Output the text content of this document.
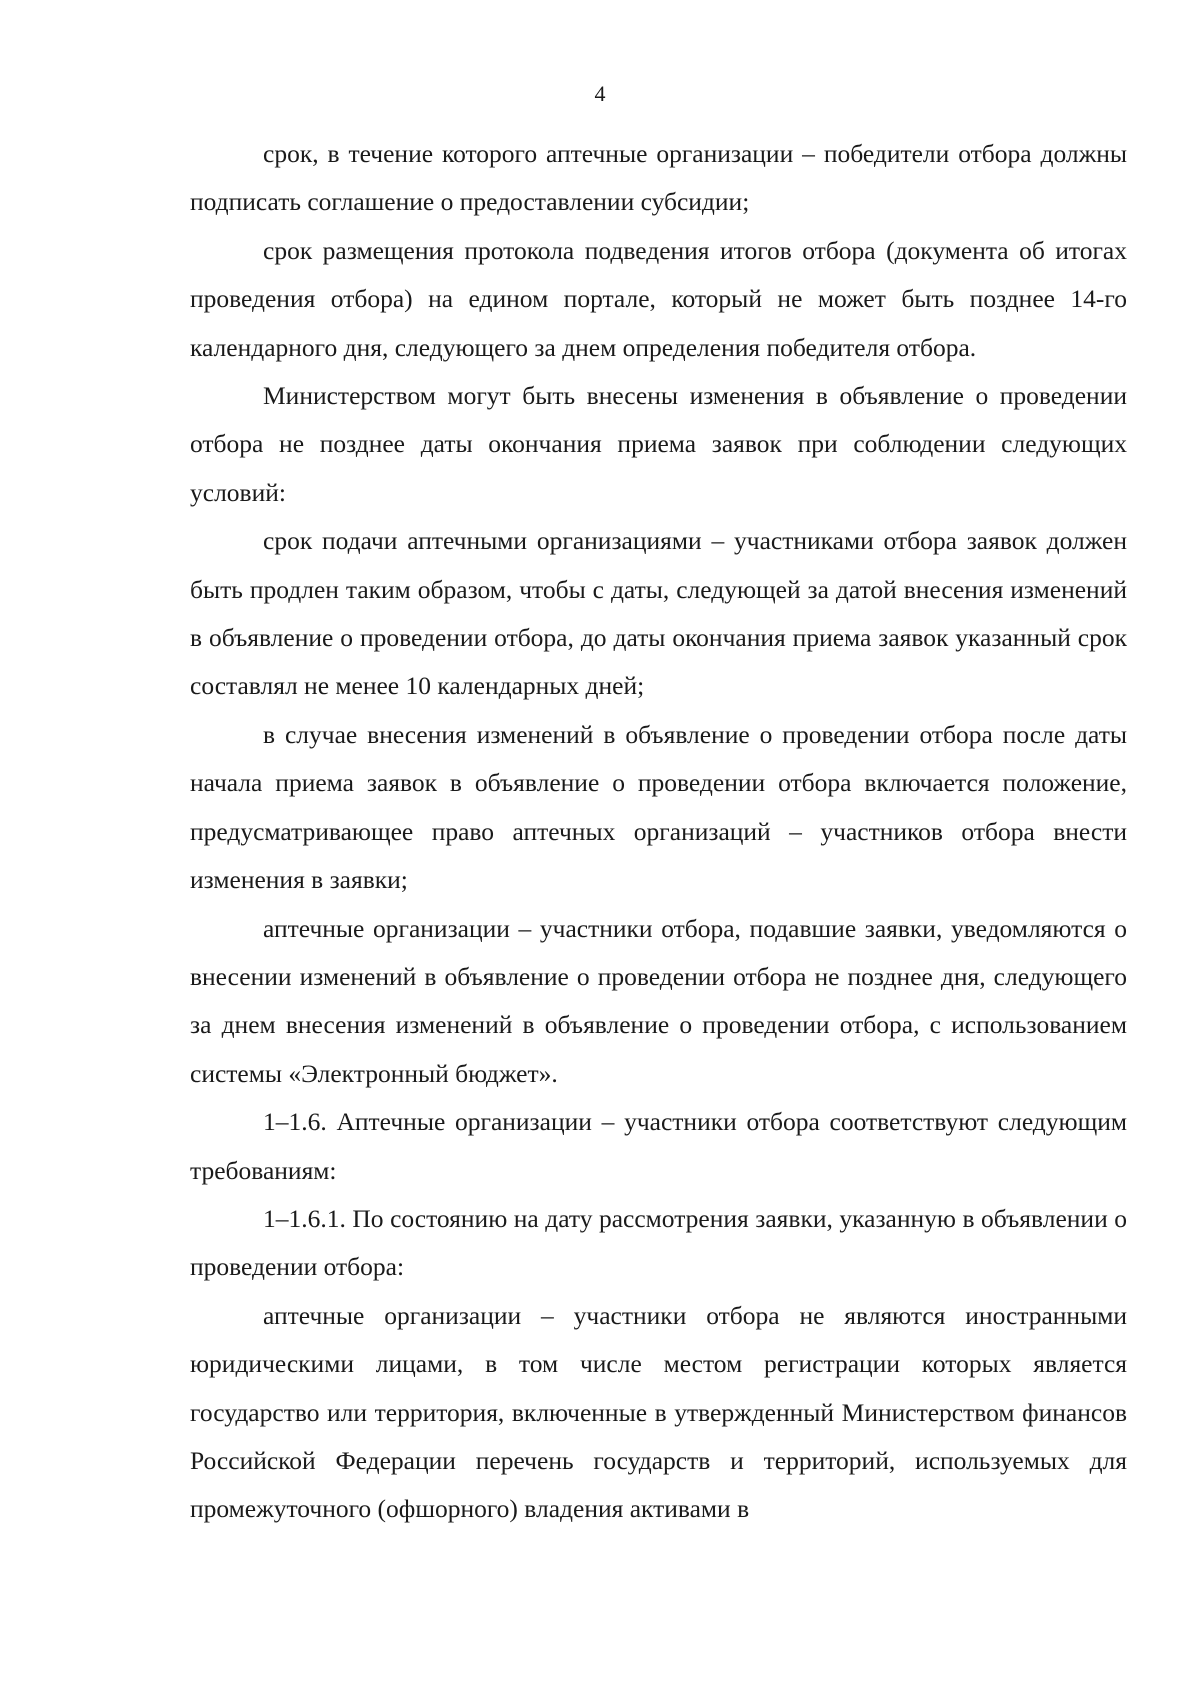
4

срок, в течение которого аптечные организации – победители отбора должны подписать соглашение о предоставлении субсидии;

срок размещения протокола подведения итогов отбора (документа об итогах проведения отбора) на едином портале, который не может быть позднее 14-го календарного дня, следующего за днем определения победителя отбора.

Министерством могут быть внесены изменения в объявление о проведении отбора не позднее даты окончания приема заявок при соблюдении следующих условий:

срок подачи аптечными организациями – участниками отбора заявок должен быть продлен таким образом, чтобы с даты, следующей за датой внесения изменений в объявление о проведении отбора, до даты окончания приема заявок указанный срок составлял не менее 10 календарных дней;

в случае внесения изменений в объявление о проведении отбора после даты начала приема заявок в объявление о проведении отбора включается положение, предусматривающее право аптечных организаций – участников отбора внести изменения в заявки;

аптечные организации – участники отбора, подавшие заявки, уведомляются о внесении изменений в объявление о проведении отбора не позднее дня, следующего за днем внесения изменений в объявление о проведении отбора, с использованием системы «Электронный бюджет».

1–1.6. Аптечные организации – участники отбора соответствуют следующим требованиям:

1–1.6.1. По состоянию на дату рассмотрения заявки, указанную в объявлении о проведении отбора:

аптечные организации – участники отбора не являются иностранными юридическими лицами, в том числе местом регистрации которых является государство или территория, включенные в утвержденный Министерством финансов Российской Федерации перечень государств и территорий, используемых для промежуточного (офшорного) владения активами в
